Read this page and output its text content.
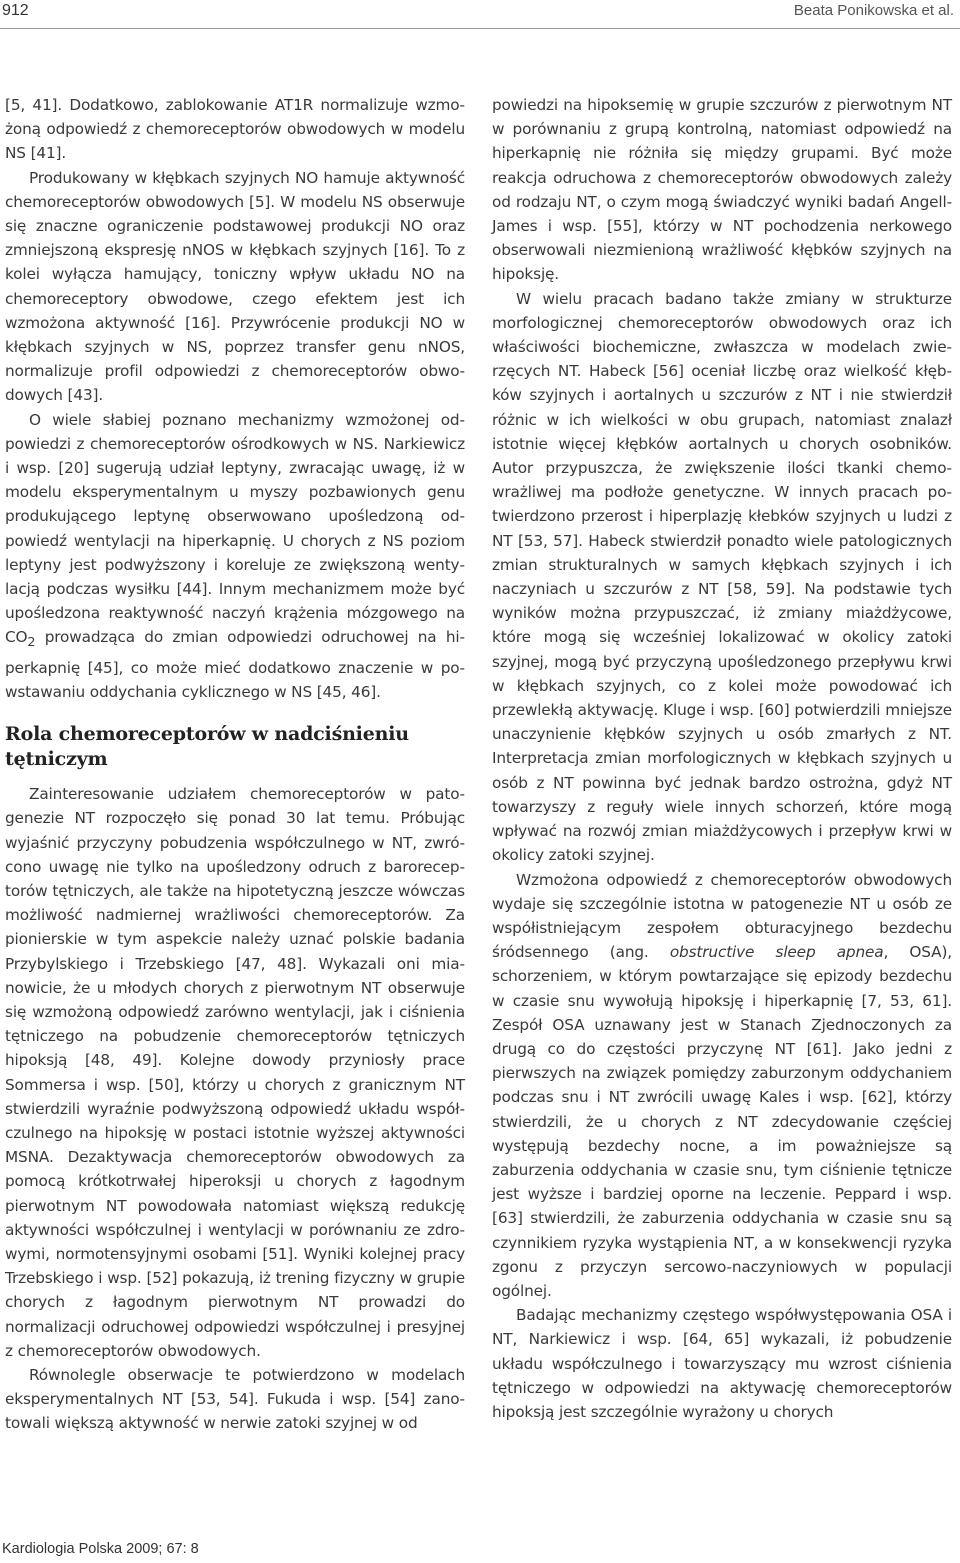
912	Beata Ponikowska et al.

[5, 41]. Dodatkowo, zablokowanie AT1R normalizuje wzmożoną odpowiedź z chemoreceptorów obwodowych w modelu NS [41].

Produkowany w kłębkach szyjnych NO hamuje aktywność chemoreceptorów obwodowych [5]. W modelu NS obserwuje się znaczne ograniczenie podstawowej produkcji NO oraz zmniejszoną ekspresję nNOS w kłębkach szyjnych [16]. To z kolei wyłącza hamujący, toniczny wpływ układu NO na chemoreceptory obwodowe, czego efektem jest ich wzmożona aktywność [16]. Przywrócenie produkcji NO w kłębkach szyjnych w NS, poprzez transfer genu nNOS, normalizuje profil odpowiedzi z chemoreceptorów obwodowych [43].

O wiele słabiej poznano mechanizmy wzmożonej odpowiedzi z chemoreceptorów ośrodkowych w NS. Narkiewicz i wsp. [20] sugerują udział leptyny, zwracając uwagę, iż w modelu eksperymentalnym u myszy pozbawionych genu produkującego leptynę obserwowano upośledzoną odpowiedź wentylacji na hiperkapnię. U chorych z NS poziom leptyny jest podwyższony i koreluje ze zwiększoną wentylacją podczas wysiłku [44]. Innym mechanizmem może być upośledzona reaktywność naczyń krążenia mózgowego na $CO_2$ prowadząca do zmian odpowiedzi odruchowej na hiperkapnię [45], co może mieć dodatkowo znaczenie w powstawaniu oddychania cyklicznego w NS [45, 46].

Rola chemoreceptorów w nadciśnieniu tętniczym

Zainteresowanie udziałem chemoreceptorów w patogenezie NT rozpoczęło się ponad 30 lat temu. Próbując wyjaśnić przyczyny pobudzenia współczulnego w NT, zwrócono uwagę nie tylko na upośledzony odruch z baroreceptorów tętniczych, ale także na hipotetyczną jeszcze wówczas możliwość nadmiernej wrażliwości chemoreceptorów. Za pionierskie w tym aspekcie należy uznać polskie badania Przybylskiego i Trzebskiego [47, 48]. Wykazali oni mianowicie, że u młodych chorych z pierwotnym NT obserwuje się wzmożoną odpowiedź zarówno wentylacji, jak i ciśnienia tętniczego na pobudzenie chemoreceptorów tętniczych hipoksją [48, 49]. Kolejne dowody przyniosły prace Sommersa i wsp. [50], którzy u chorych z granicznym NT stwierdzili wyraźnie podwyższoną odpowiedź układu współczulnego na hipoksję w postaci istotnie wyższej aktywności MSNA. Dezaktywacja chemoreceptorów obwodowych za pomocą krótkotrwałej hiperoksji u chorych z łagodnym pierwotnym NT powodowała natomiast większą redukcję aktywności współczulnej i wentylacji w porównaniu ze zdrowymi, normotensyjnymi osobami [51]. Wyniki kolejnej pracy Trzebskiego i wsp. [52] pokazują, iż trening fizyczny w grupie chorych z łagodnym pierwotnym NT prowadzi do normalizacji odruchowej odpowiedzi współczulnej i presyjnej z chemoreceptorów obwodowych.

Równolegle obserwacje te potwierdzono w modelach eksperymentalnych NT [53, 54]. Fukuda i wsp. [54] zanotowali większą aktywność w nerwie zatoki szyjnej w od

powiedzi na hipoksemię w grupie szczurów z pierwotnym NT w porównaniu z grupą kontrolną, natomiast odpowiedź na hiperkapnię nie różniła się między grupami. Być może reakcja odruchowa z chemoreceptorów obwodowych zależy od rodzaju NT, o czym mogą świadczyć wyniki badań Angell-James i wsp. [55], którzy w NT pochodzenia nerkowego obserwowali niezmienioną wrażliwość kłębków szyjnych na hipoksję.

W wielu pracach badano także zmiany w strukturze morfologicznej chemoreceptorów obwodowych oraz ich właściwości biochemiczne, zwłaszcza w modelach zwierzęcych NT. Habeck [56] oceniał liczbę oraz wielkość kłębków szyjnych i aortalnych u szczurów z NT i nie stwierdził różnic w ich wielkości w obu grupach, natomiast znalazł istotnie więcej kłębków aortalnych u chorych osobników. Autor przypuszcza, że zwiększenie ilości tkanki chemowrażliwej ma podłoże genetyczne. W innych pracach potwierdzono przerost i hiperplazję kłebków szyjnych u ludzi z NT [53, 57]. Habeck stwierdził ponadto wiele patologicznych zmian strukturalnych w samych kłębkach szyjnych i ich naczyniach u szczurów z NT [58, 59]. Na podstawie tych wyników można przypuszczać, iż zmiany miażdżycowe, które mogą się wcześniej lokalizować w okolicy zatoki szyjnej, mogą być przyczyną upośledzonego przepływu krwi w kłębkach szyjnych, co z kolei może powodować ich przewlekłą aktywację. Kluge i wsp. [60] potwierdzili mniejsze unaczynienie kłębków szyjnych u osób zmarłych z NT. Interpretacja zmian morfologicznych w kłębkach szyjnych u osób z NT powinna być jednak bardzo ostrożna, gdyż NT towarzyszy z reguły wiele innych schorzeń, które mogą wpływać na rozwój zmian miażdżycowych i przepływ krwi w okolicy zatoki szyjnej.

Wzmożona odpowiedź z chemoreceptorów obwodowych wydaje się szczególnie istotna w patogenezie NT u osób ze współistniejącym zespołem obturacyjnego bezdechu śródsennego (ang. obstructive sleep apnea, OSA), schorzeniem, w którym powtarzające się epizody bezdechu w czasie snu wywołują hipoksję i hiperkapnię [7, 53, 61]. Zespół OSA uznawany jest w Stanach Zjednoczonych za drugą co do częstości przyczynę NT [61]. Jako jedni z pierwszych na związek pomiędzy zaburzonym oddychaniem podczas snu i NT zwrócili uwagę Kales i wsp. [62], którzy stwierdzili, że u chorych z NT zdecydowanie częściej występują bezdechy nocne, a im poważniejsze są zaburzenia oddychania w czasie snu, tym ciśnienie tętnicze jest wyższe i bardziej oporne na leczenie. Peppard i wsp. [63] stwierdzili, że zaburzenia oddychania w czasie snu są czynnikiem ryzyka wystąpienia NT, a w konsekwencji ryzyka zgonu z przyczyn sercowo-naczyniowych w populacji ogólnej.

Badając mechanizmy częstego współwystępowania OSA i NT, Narkiewicz i wsp. [64, 65] wykazali, iż pobudzenie układu współczulnego i towarzyszący mu wzrost ciśnienia tętniczego w odpowiedzi na aktywację chemoreceptorów hipoksją jest szczególnie wyrażony u chorych

Kardiologia Polska 2009; 67: 8
